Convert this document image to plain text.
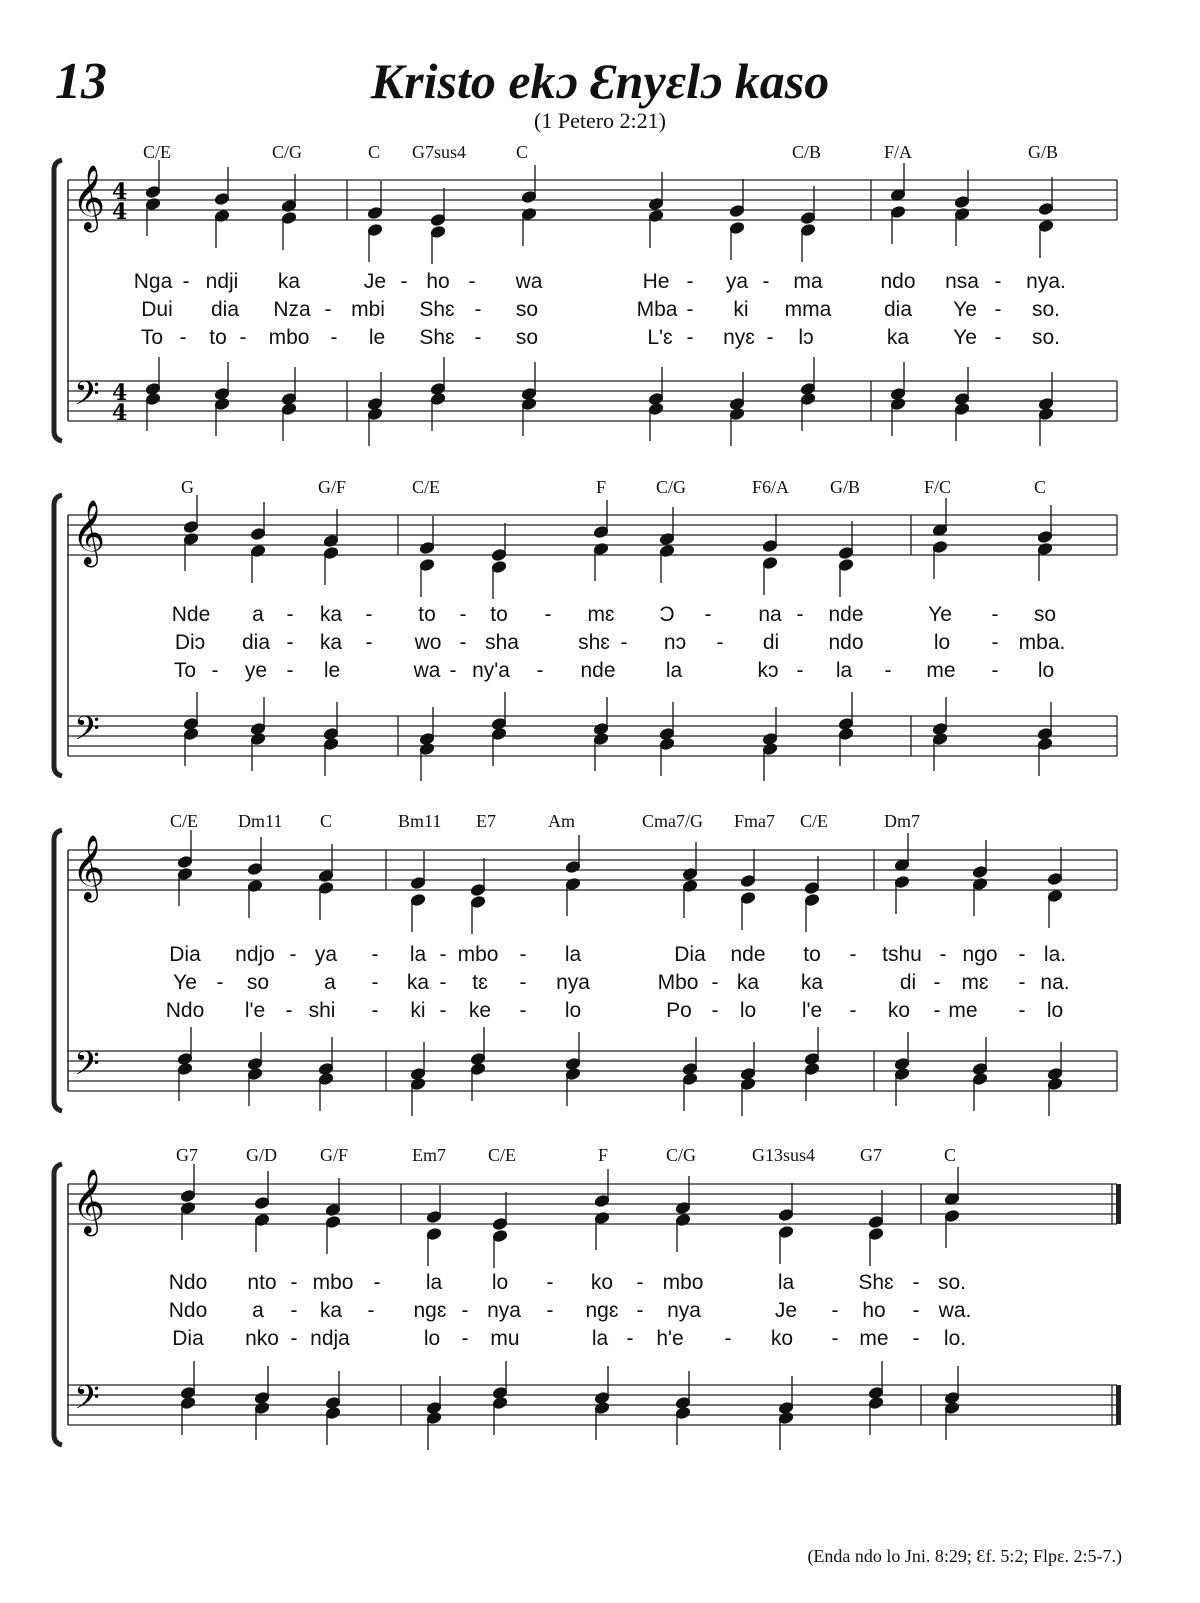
13	Kristo ekɔ Ɛnyɛlɔ kaso
(1 Petero 2:21)
𝄞
𝄢
4
4
4
4
𝄞
𝄢
𝄞
𝄢
𝄞
𝄢
C/E	C/G	C G7sus4	C	C/B	F/A	G/B
Nga - ndji ka	Je - ho - wa	He - ya - ma	ndo nsa - nya.
Dui dia Nza - mbi Shɛ - so	Mba - ki mma	dia Ye - so.
To - to - mbo - le Shɛ - so	L'ɛ - nyɛ - lɔ	ka Ye - so.
G	G/F	C/E	F	C/G	F6/A G/B	F/C	C
Nde a - ka - to - to - mɛ Ɔ - na - nde	Ye - so
Diɔ dia - ka - wo - sha	shɛ - nɔ - di ndo	lo - mba.
To - ye - le	wa - ny'a - nde la	kɔ - la - me - lo
C/E Dm11 C	Bm11 E7	Am	Cma7/G Fma7 C/E	Dm7
Dia ndjo - ya - la - mbo - la	Dia nde to - tshu - ngo - la.
Ye - so	a - ka - tɛ - nya	Mbo - ka ka	di - mɛ - na.
Ndo l'e - shi - ki - ke - lo	Po - lo l'e - ko - me - lo
G7	G/D G/F	Em7 C/E	F	C/G	G13sus4 G7	C
Ndo nto - mbo - la lo - ko - mbo	la	Shɛ - so.
Ndo a - ka - ngɛ - nya - ngɛ - nya	Je - ho - wa.
Dia nko - ndja	lo - mu	la - h'e - ko - me - lo.
(Enda ndo lo Jni. 8:29; Ɛf. 5:2; Flpɛ. 2:5-7.)
